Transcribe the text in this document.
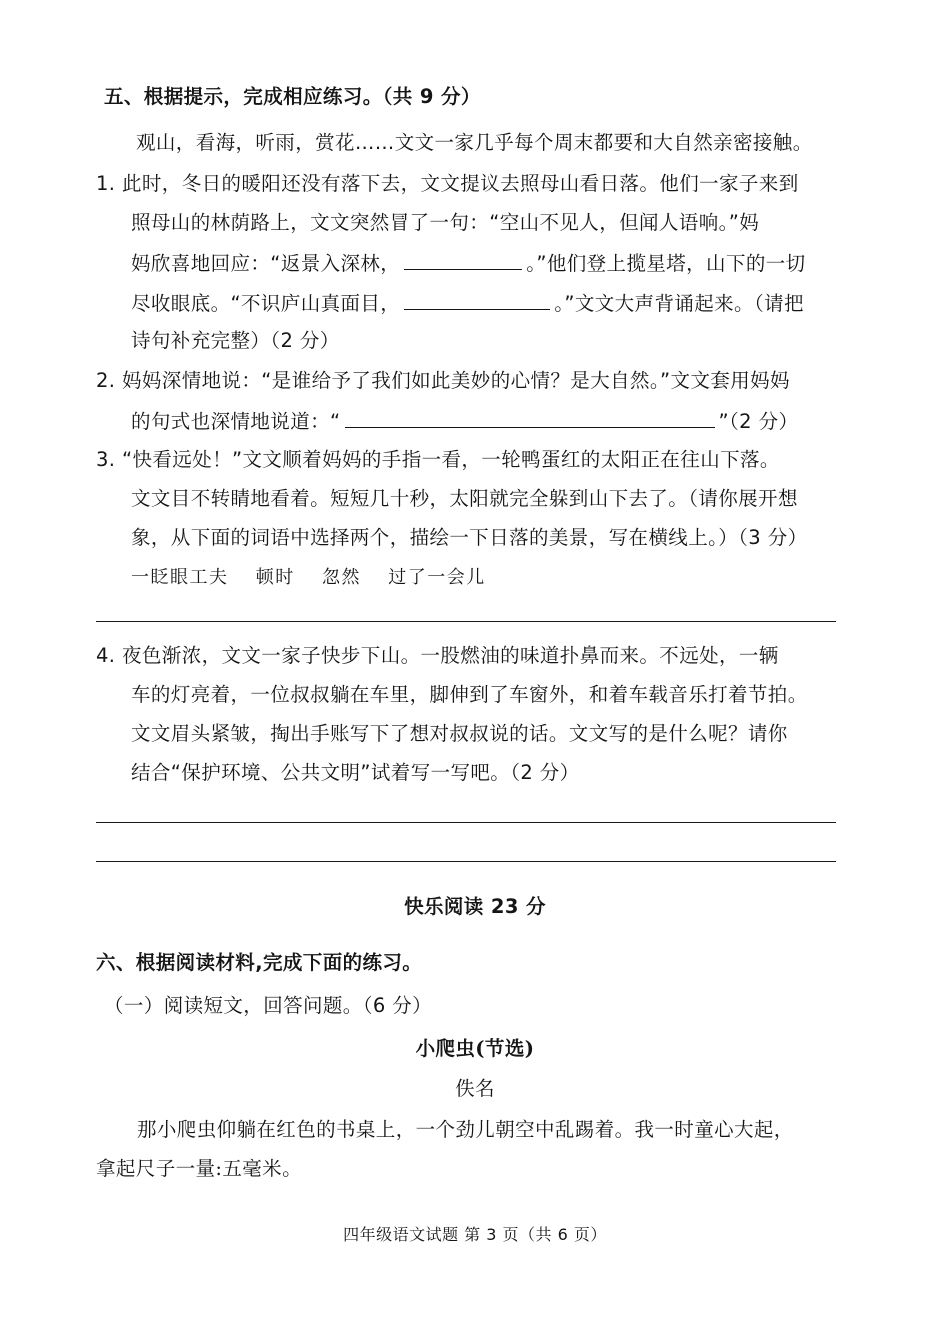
五、根据提示，完成相应练习。（共 9 分）
观山，看海，听雨，赏花……文文一家几乎每个周末都要和大自然亲密接触。
1. 此时，冬日的暖阳还没有落下去，文文提议去照母山看日落。他们一家子来到
照母山的林荫路上，文文突然冒了一句：“空山不见人，但闻人语响。”妈
妈欣喜地回应：“返景入深林，	。”他们登上揽星塔，山下的一切
尽收眼底。“不识庐山真面目，	。”文文大声背诵起来。（请把
诗句补充完整）（2 分）
2. 妈妈深情地说：“是谁给予了我们如此美妙的心情？是大自然。”文文套用妈妈
的句式也深情地说道：“	”（2 分）
3. “快看远处！”文文顺着妈妈的手指一看，一轮鸭蛋红的太阳正在往山下落。
文文目不转睛地看着。短短几十秒，太阳就完全躲到山下去了。（请你展开想
象，从下面的词语中选择两个，描绘一下日落的美景，写在横线上。）（3 分）
一眨眼工夫 顿时 忽然 过了一会儿
4. 夜色渐浓，文文一家子快步下山。一股燃油的味道扑鼻而来。不远处，一辆
车的灯亮着，一位叔叔躺在车里，脚伸到了车窗外，和着车载音乐打着节拍。
文文眉头紧皱，掏出手账写下了想对叔叔说的话。文文写的是什么呢？请你
结合“保护环境、公共文明”试着写一写吧。（2 分）
快乐阅读 23 分
六、根据阅读材料,完成下面的练习。
（一）阅读短文，回答问题。（6 分）
小爬虫(节选)
佚名
那小爬虫仰躺在红色的书桌上，一个劲儿朝空中乱踢着。我一时童心大起，
拿起尺子一量:五毫米。
四年级语文试题 第 3 页（共 6 页）
